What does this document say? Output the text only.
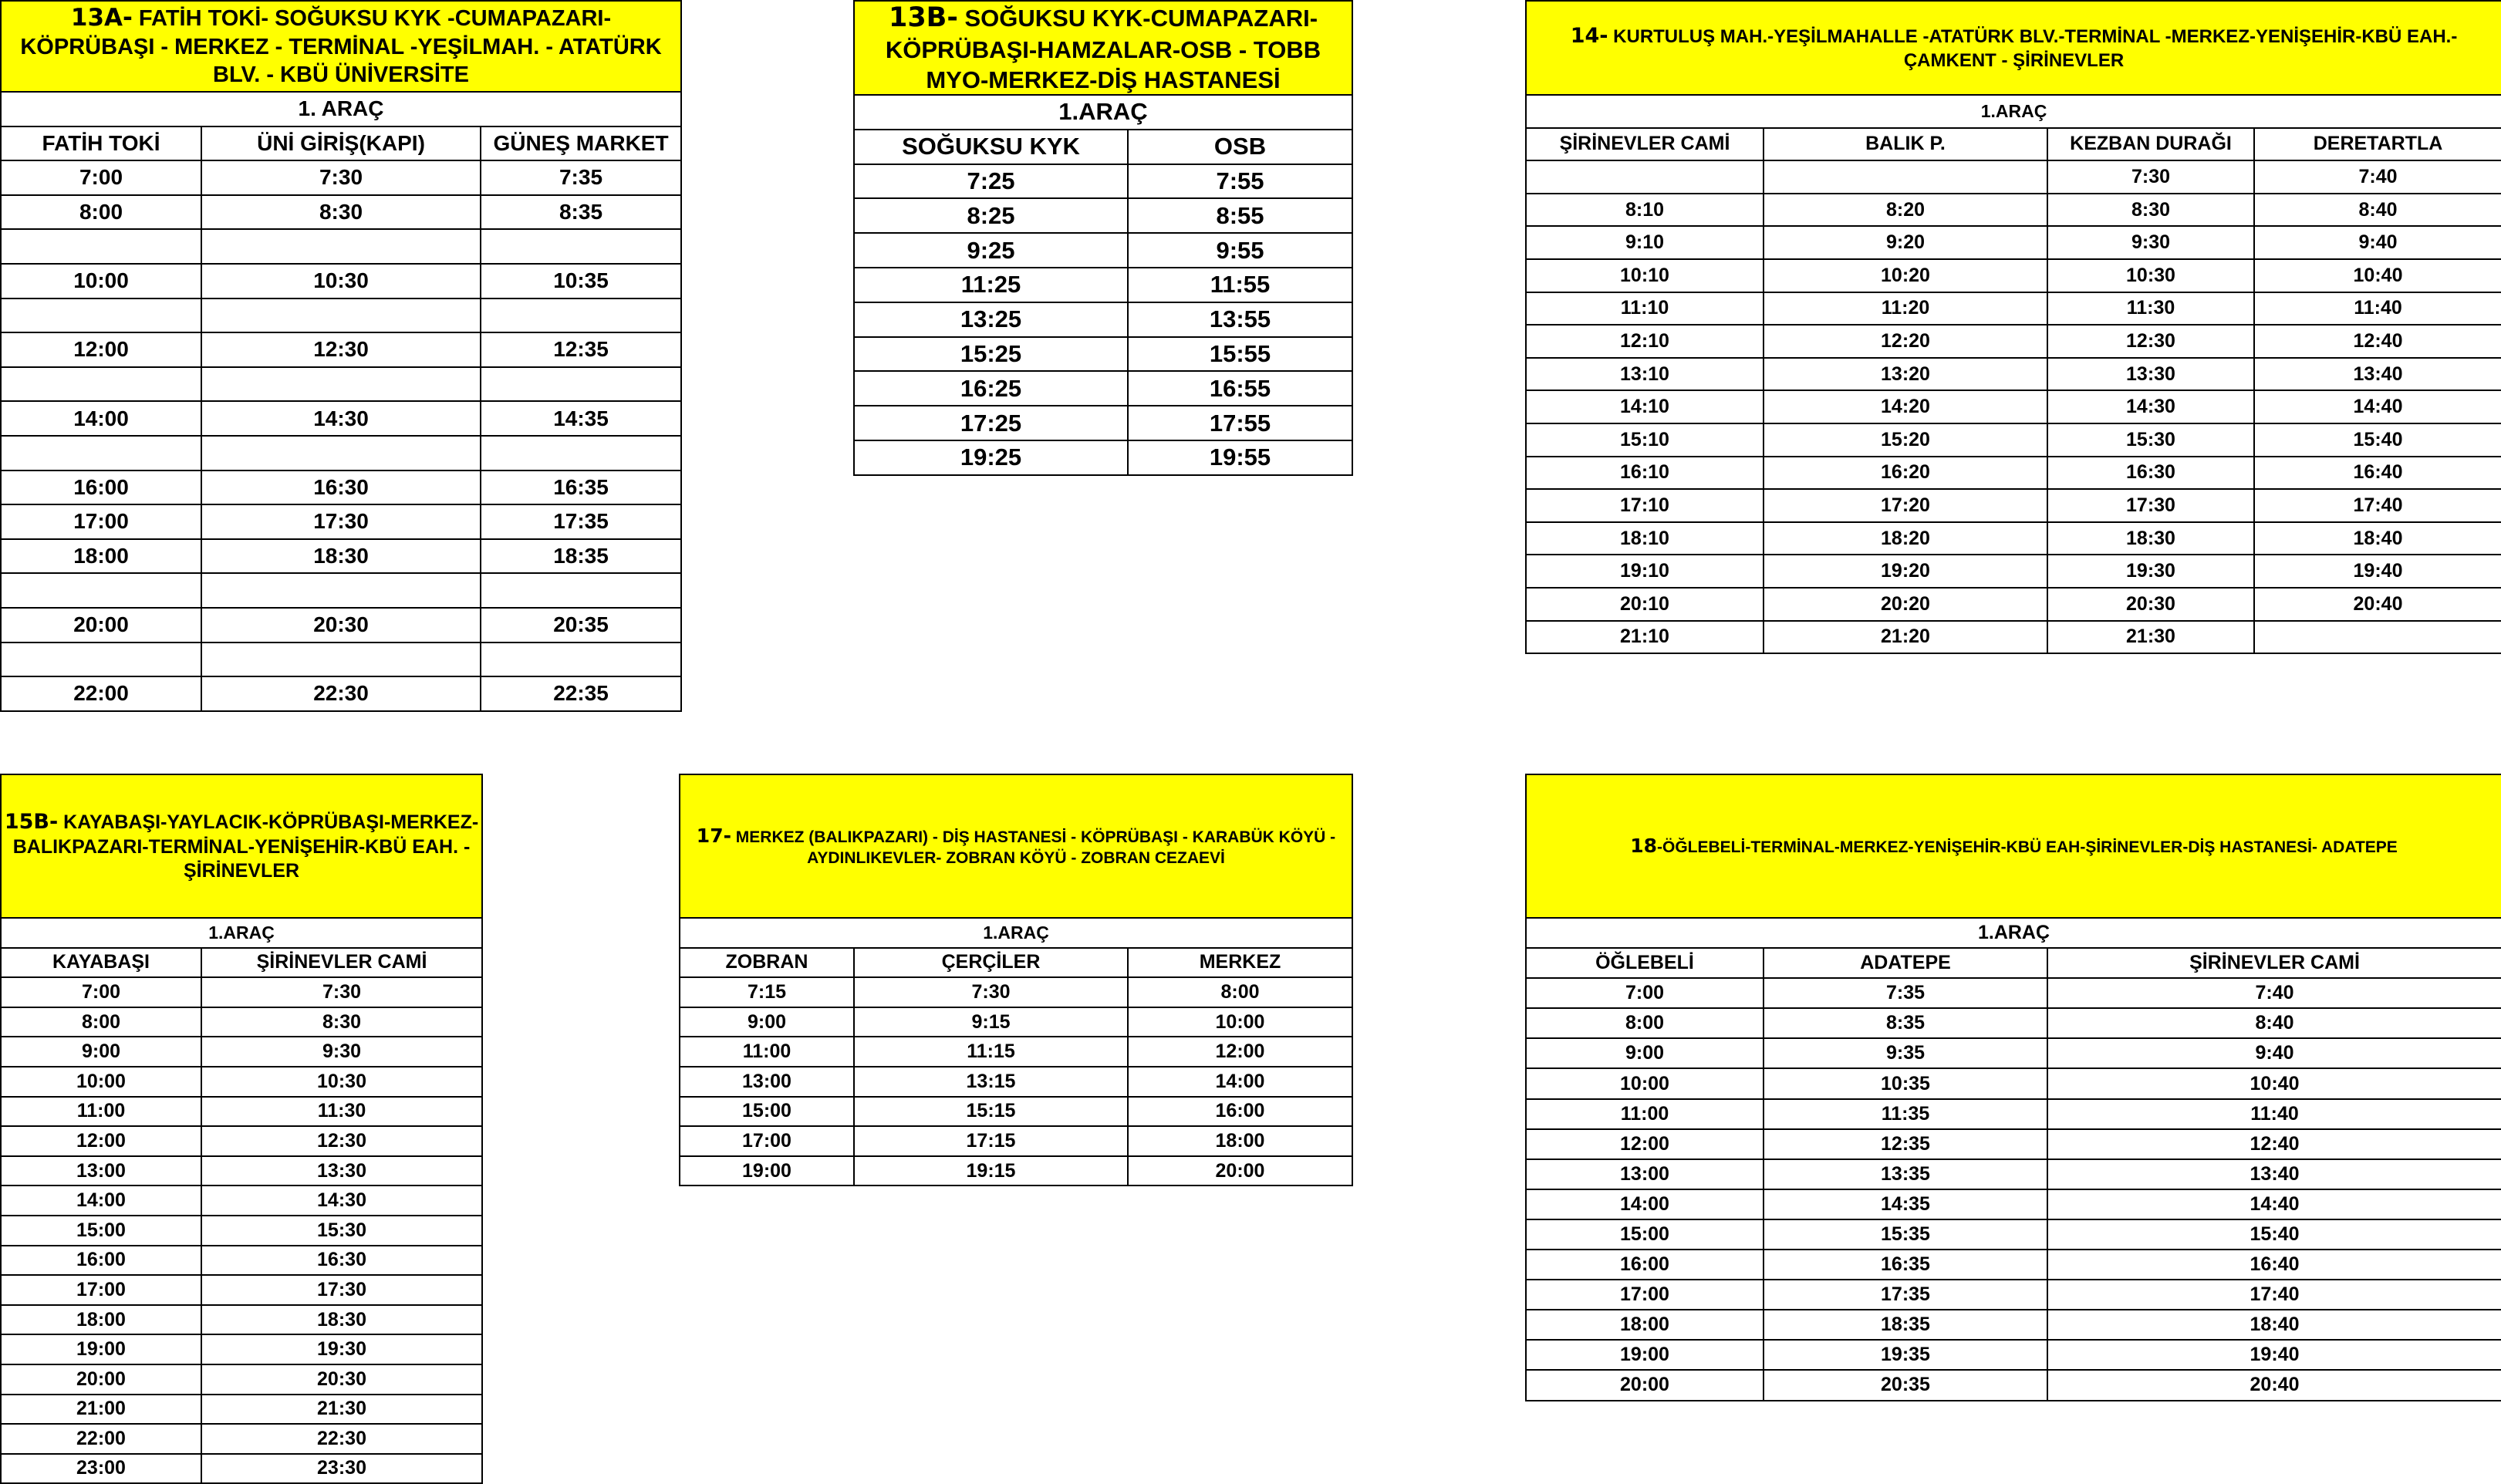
13A- FATİH TOKİ- SOĞUKSU KYK -CUMAPAZARI- KÖPRÜBAŞI - MERKEZ - TERMİNAL -YEŞİLMAH. - ATATÜRK BLV. - KBÜ ÜNİVERSİTE		

1. ARAÇ		
FATİH TOKİ	ÜNİ GİRİŞ(KAPI)	GÜNEŞ MARKET
7:00	7:30	7:35
8:00	8:30	8:35

10:00	10:30	10:35

12:00	12:30	12:35

14:00	14:30	14:35

16:00	16:30	16:35
17:00	17:30	17:35
18:00	18:30	18:35

20:00	20:30	20:35

22:00	22:30	22:35
13B- SOĞUKSU KYK-CUMAPAZARI-KÖPRÜBAŞI-HAMZALAR-OSB - TOBB MYO-MERKEZ-DİŞ HASTANESİ	

1.ARAÇ	
SOĞUKSU KYK	OSB
7:25	7:55
8:25	8:55
9:25	9:55
11:25	11:55
13:25	13:55
15:25	15:55
16:25	16:55
17:25	17:55
19:25	19:55
14- KURTULUŞ MAH.-YEŞİLMAHALLE -ATATÜRK BLV.-TERMİNAL -MERKEZ-YENİŞEHİR-KBÜ EAH.-ÇAMKENT - ŞİRİNEVLER			
1.ARAÇ			
ŞİRİNEVLER CAMİ	BALIK P.	KEZBAN DURAĞI	DERETARTLA
		7:30	7:40
8:10	8:20	8:30	8:40
9:10	9:20	9:30	9:40
10:10	10:20	10:30	10:40
11:10	11:20	11:30	11:40
12:10	12:20	12:30	12:40
13:10	13:20	13:30	13:40
14:10	14:20	14:30	14:40
15:10	15:20	15:30	15:40
16:10	16:20	16:30	16:40
17:10	17:20	17:30	17:40
18:10	18:20	18:30	18:40
19:10	19:20	19:30	19:40
20:10	20:20	20:30	20:40
21:10	21:20	21:30	
15B- KAYABAŞI-YAYLACIK-KÖPRÜBAŞI-MERKEZ-BALIKPAZARI-TERMİNAL-YENİŞEHİR-KBÜ EAH. - ŞİRİNEVLER	
1.ARAÇ	
KAYABAŞI	ŞİRİNEVLER CAMİ
7:00	7:30
8:00	8:30
9:00	9:30
10:00	10:30
11:00	11:30
12:00	12:30
13:00	13:30
14:00	14:30
15:00	15:30
16:00	16:30
17:00	17:30
18:00	18:30
19:00	19:30
20:00	20:30
21:00	21:30
22:00	22:30
23:00	23:30
17- MERKEZ (BALIKPAZARI) - DİŞ HASTANESİ - KÖPRÜBAŞI - KARABÜK KÖYÜ - AYDINLIKEVLER- ZOBRAN KÖYÜ - ZOBRAN CEZAEVİ		
1.ARAÇ		
ZOBRAN	ÇERÇİLER	MERKEZ
7:15	7:30	8:00
9:00	9:15	10:00
11:00	11:15	12:00
13:00	13:15	14:00
15:00	15:15	16:00
17:00	17:15	18:00
19:00	19:15	20:00
18-ÖĞLEBELİ-TERMİNAL-MERKEZ-YENİŞEHİR-KBÜ EAH-ŞİRİNEVLER-DİŞ HASTANESİ- ADATEPE		
1.ARAÇ		
ÖĞLEBELİ	ADATEPE	ŞİRİNEVLER CAMİ
7:00	7:35	7:40
8:00	8:35	8:40
9:00	9:35	9:40
10:00	10:35	10:40
11:00	11:35	11:40
12:00	12:35	12:40
13:00	13:35	13:40
14:00	14:35	14:40
15:00	15:35	15:40
16:00	16:35	16:40
17:00	17:35	17:40
18:00	18:35	18:40
19:00	19:35	19:40
20:00	20:35	20:40
